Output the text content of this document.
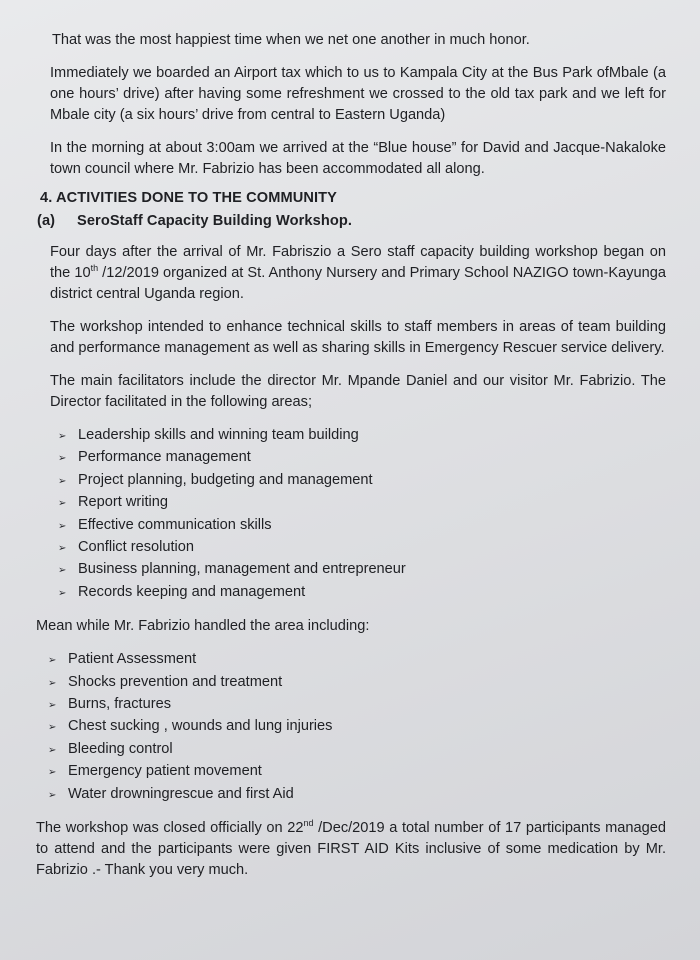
That was the most happiest time when we net one another in much honor.

Immediately we boarded an Airport tax which to us to Kampala City at the Bus Park ofMbale (a one hours’ drive) after having some refreshment we crossed to the old tax park and we left for Mbale city (a six hours’ drive from central to Eastern Uganda)

In the morning at about 3:00am we arrived at the “Blue house” for David and Jacque-Nakaloke town council where Mr. Fabrizio has been accommodated all along.

4. ACTIVITIES DONE TO THE COMMUNITY

(a)	SeroStaff Capacity Building Workshop.

Four days after the arrival of Mr. Fabriszio a Sero staff capacity building workshop began on the 10th /12/2019 organized at St. Anthony Nursery and Primary School NAZIGO town-Kayunga district central Uganda region.

The workshop intended to enhance technical skills to staff members in areas of team building and performance management as well as sharing skills in Emergency Rescuer service delivery.

The main facilitators include the director Mr. Mpande Daniel and our visitor Mr. Fabrizio. The Director facilitated in the following areas;

➢ Leadership skills and winning team building
➢ Performance management
➢ Project planning, budgeting and management
➢ Report writing
➢ Effective communication skills
➢ Conflict resolution
➢ Business planning, management and entrepreneur
➢ Records keeping and management

Mean while Mr. Fabrizio handled the area including:

➢ Patient Assessment
➢ Shocks prevention and treatment
➢ Burns, fractures
➢ Chest sucking , wounds and lung injuries
➢ Bleeding control
➢ Emergency patient movement
➢ Water drowningrescue and first Aid

The workshop was closed officially on 22nd /Dec/2019 a total number of 17 participants managed to attend and the participants were given FIRST AID Kits inclusive of some medication by Mr. Fabrizio .- Thank you very much.
